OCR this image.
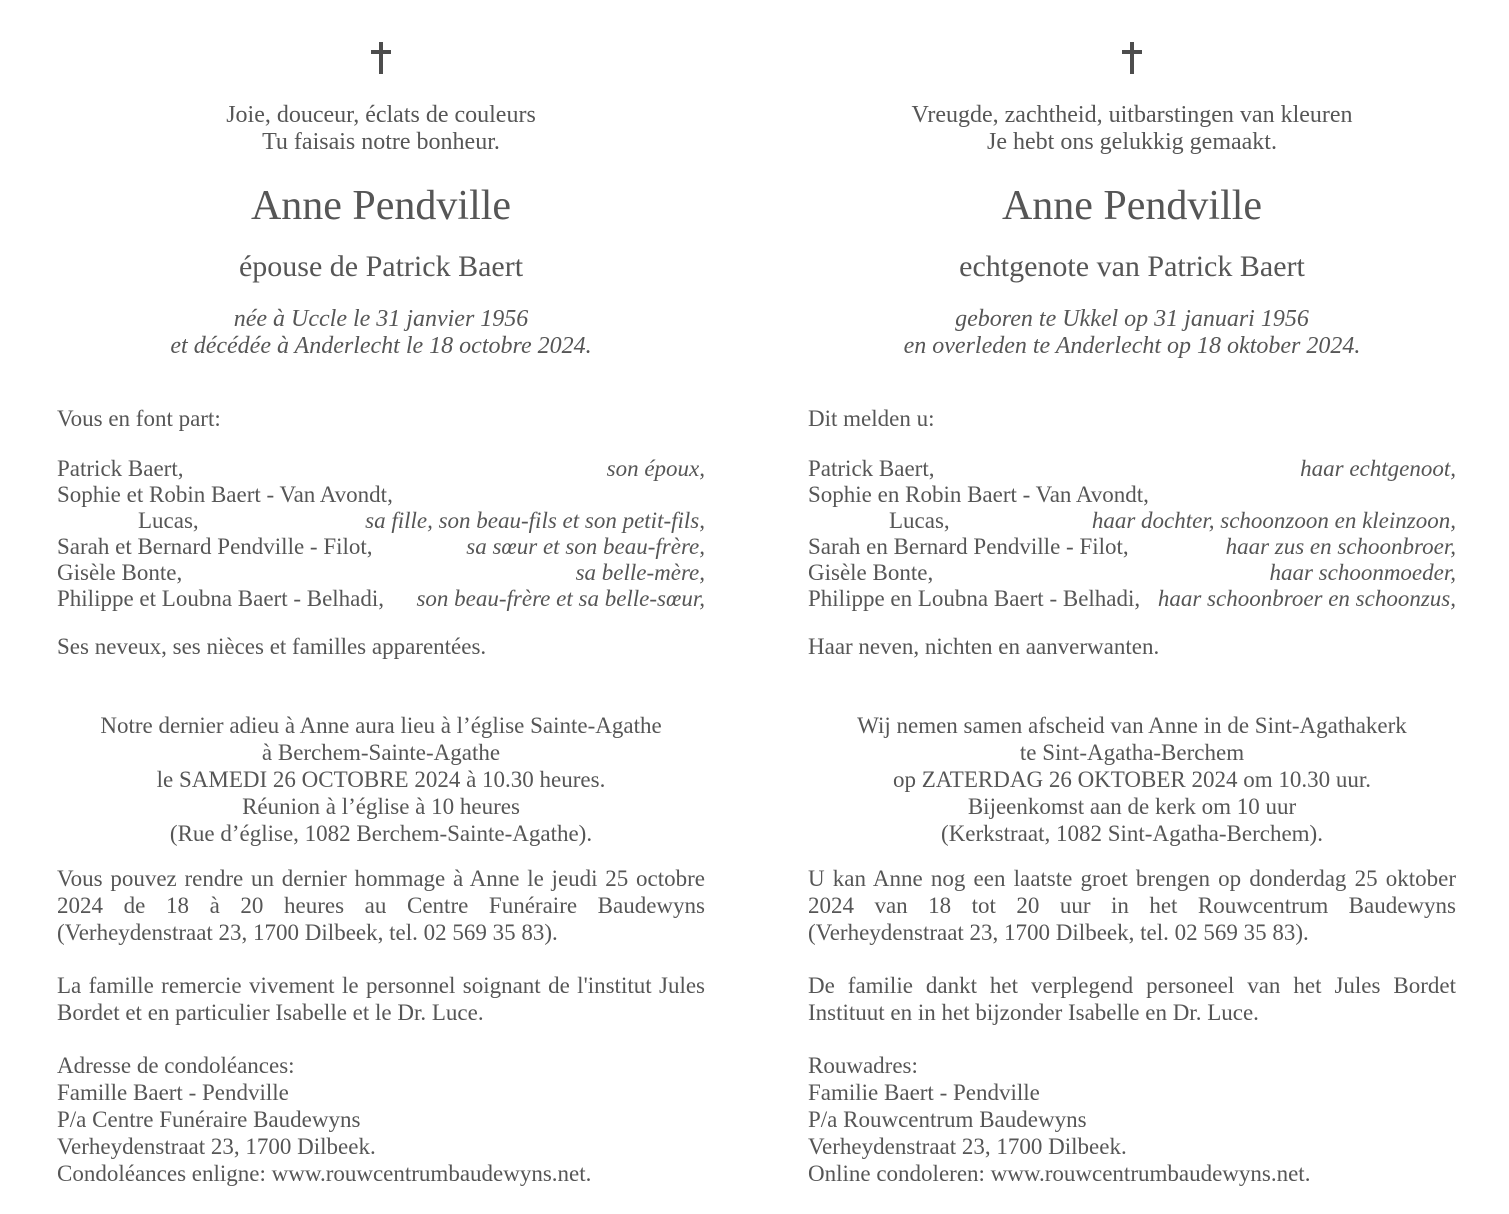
Joie, douceur, éclats de couleurs
Tu faisais notre bonheur.
Anne Pendville
épouse de Patrick Baert
née à Uccle le 31 janvier 1956
et décédée à Anderlecht le 18 octobre 2024.
Vous en font part:
Patrick Baert,	son époux,
Sophie et Robin Baert - Van Avondt,
Lucas,	sa fille, son beau-fils et son petit-fils,
Sarah et Bernard Pendville - Filot,	sa sœur et son beau-frère,
Gisèle Bonte,	sa belle-mère,
Philippe et Loubna Baert - Belhadi, son beau-frère et sa belle-sœur,
Ses neveux, ses nièces et familles apparentées.
Notre dernier adieu à Anne aura lieu à l’église Sainte-Agathe
à Berchem-Sainte-Agathe
le SAMEDI 26 OCTOBRE 2024 à 10.30 heures.
Réunion à l’église à 10 heures
(Rue d’église, 1082 Berchem-Sainte-Agathe).

Vous pouvez rendre un dernier hommage à Anne le jeudi 25 octobre 2024 de 18 à 20 heures au Centre Funéraire Baudewyns (Verheydenstraat 23, 1700 Dilbeek, tel. 02 569 35 83).

La famille remercie vivement le personnel soignant de l'institut Jules Bordet et en particulier Isabelle et le Dr. Luce.

Adresse de condoléances:
Famille Baert - Pendville
P/a Centre Funéraire Baudewyns
Verheydenstraat 23, 1700 Dilbeek.
Condoléances enligne: www.rouwcentrumbaudewyns.net.
Vreugde, zachtheid, uitbarstingen van kleuren
Je hebt ons gelukkig gemaakt.
Anne Pendville
echtgenote van Patrick Baert
geboren te Ukkel op 31 januari 1956
en overleden te Anderlecht op 18 oktober 2024.
Dit melden u:
Patrick Baert,	haar echtgenoot,
Sophie en Robin Baert - Van Avondt,
Lucas,	haar dochter, schoonzoon en kleinzoon,
Sarah en Bernard Pendville - Filot,	haar zus en schoonbroer,
Gisèle Bonte,	haar schoonmoeder,
Philippe en Loubna Baert - Belhadi, haar schoonbroer en schoonzus,
Haar neven, nichten en aanverwanten.
Wij nemen samen afscheid van Anne in de Sint-Agathakerk
te Sint-Agatha-Berchem
op ZATERDAG 26 OKTOBER 2024 om 10.30 uur.
Bijeenkomst aan de kerk om 10 uur
(Kerkstraat, 1082 Sint-Agatha-Berchem).

U kan Anne nog een laatste groet brengen op donderdag 25 oktober 2024 van 18 tot 20 uur in het Rouwcentrum Baudewyns (Verheydenstraat 23, 1700 Dilbeek, tel. 02 569 35 83).

De familie dankt het verplegend personeel van het Jules Bordet Instituut en in het bijzonder Isabelle en Dr. Luce.

Rouwadres:
Familie Baert - Pendville
P/a Rouwcentrum Baudewyns
Verheydenstraat 23, 1700 Dilbeek.
Online condoleren: www.rouwcentrumbaudewyns.net.
